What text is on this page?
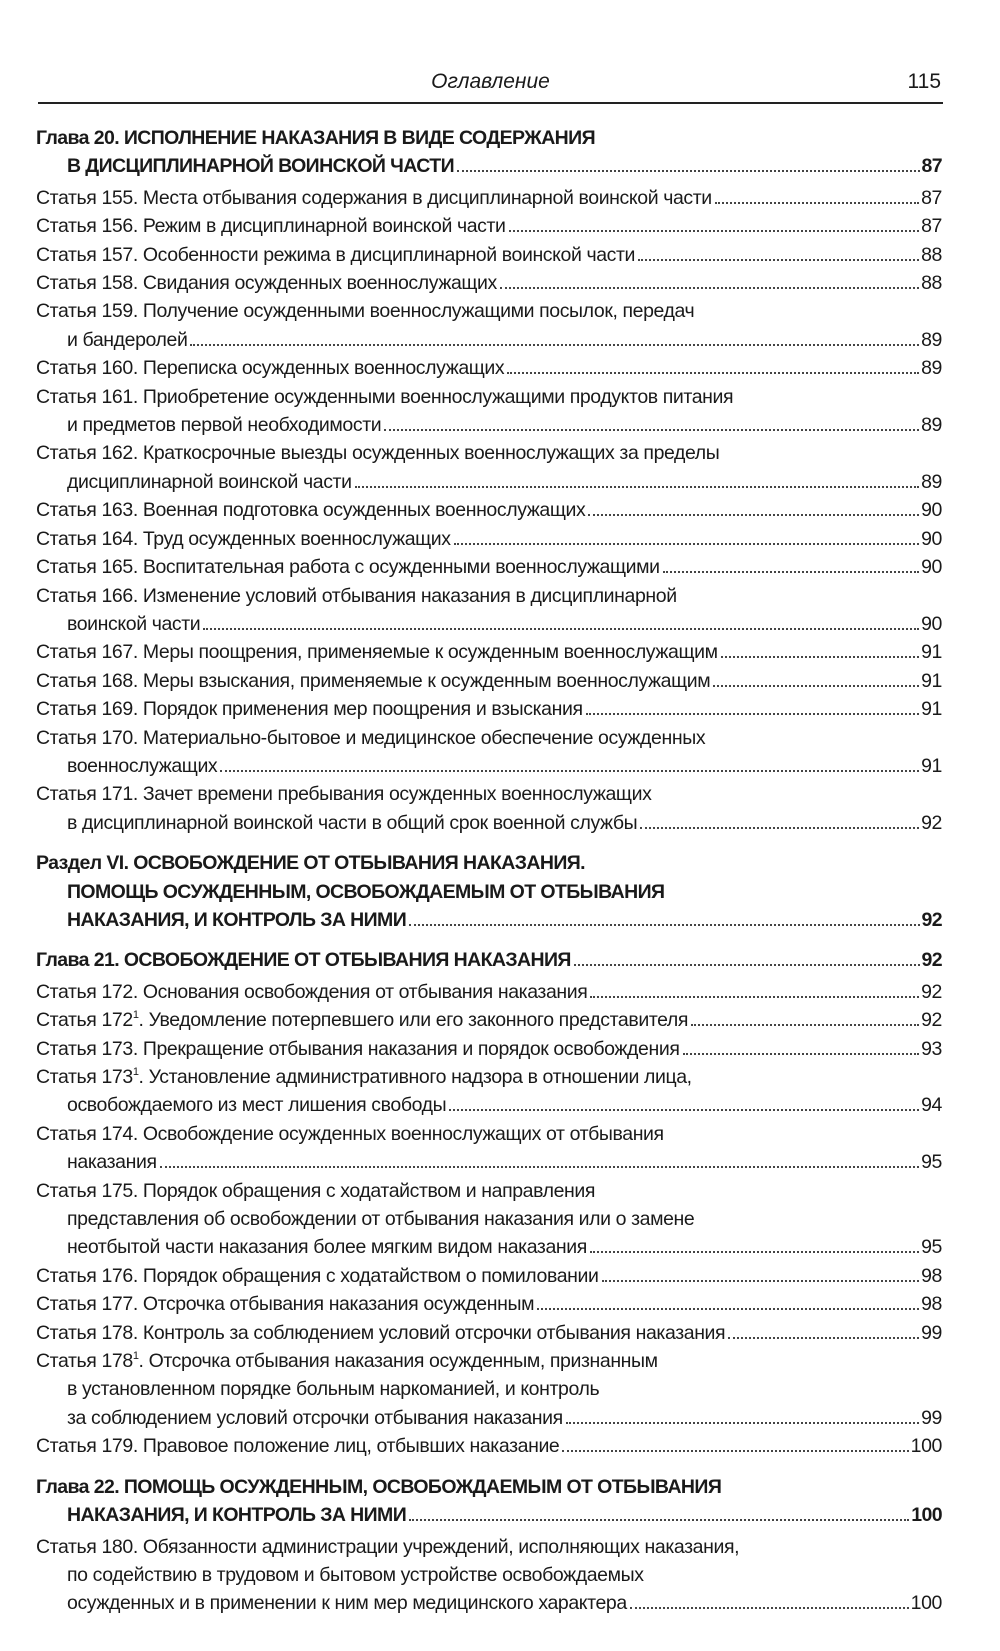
Оглавление	115
Глава 20. ИСПОЛНЕНИЕ НАКАЗАНИЯ В ВИДЕ СОДЕРЖАНИЯ
В ДИСЦИПЛИНАРНОЙ ВОИНСКОЙ ЧАСТИ	87
Статья 155. Места отбывания содержания в дисциплинарной воинской части	87
Статья 156. Режим в дисциплинарной воинской части	87
Статья 157. Особенности режима в дисциплинарной воинской части	88
Статья 158. Свидания осужденных военнослужащих	88
Статья 159. Получение осужденными военнослужащими посылок, передач
и бандеролей	89
Статья 160. Переписка осужденных военнослужащих	89
Статья 161. Приобретение осужденными военнослужащими продуктов питания
и предметов первой необходимости	89
Статья 162. Краткосрочные выезды осужденных военнослужащих за пределы
дисциплинарной воинской части	89
Статья 163. Военная подготовка осужденных военнослужащих	90
Статья 164. Труд осужденных военнослужащих	90
Статья 165. Воспитательная работа с осужденными военнослужащими	90
Статья 166. Изменение условий отбывания наказания в дисциплинарной
воинской части	90
Статья 167. Меры поощрения, применяемые к осужденным военнослужащим	91
Статья 168. Меры взыскания, применяемые к осужденным военнослужащим	91
Статья 169. Порядок применения мер поощрения и взыскания	91
Статья 170. Материально-бытовое и медицинское обеспечение осужденных
военнослужащих	91
Статья 171. Зачет времени пребывания осужденных военнослужащих
в дисциплинарной воинской части в общий срок военной службы	92
Раздел VI. ОСВОБОЖДЕНИЕ ОТ ОТБЫВАНИЯ НАКАЗАНИЯ.
ПОМОЩЬ ОСУЖДЕННЫМ, ОСВОБОЖДАЕМЫМ ОТ ОТБЫВАНИЯ
НАКАЗАНИЯ, И КОНТРОЛЬ ЗА НИМИ	92
Глава 21. ОСВОБОЖДЕНИЕ ОТ ОТБЫВАНИЯ НАКАЗАНИЯ	92
Статья 172. Основания освобождения от отбывания наказания	92
Статья $172^1$. Уведомление потерпевшего или его законного представителя	92
Статья 173. Прекращение отбывания наказания и порядок освобождения	93
Статья $173^1$. Установление административного надзора в отношении лица,
освобождаемого из мест лишения свободы	94
Статья 174. Освобождение осужденных военнослужащих от отбывания
наказания	95
Статья 175. Порядок обращения с ходатайством и направления
представления об освобождении от отбывания наказания или о замене
неотбытой части наказания более мягким видом наказания	95
Статья 176. Порядок обращения с ходатайством о помиловании	98
Статья 177. Отсрочка отбывания наказания осужденным	98
Статья 178. Контроль за соблюдением условий отсрочки отбывания наказания	99
Статья $178^1$. Отсрочка отбывания наказания осужденным, признанным
в установленном порядке больным наркоманией, и контроль
за соблюдением условий отсрочки отбывания наказания	99
Статья 179. Правовое положение лиц, отбывших наказание	100
Глава 22. ПОМОЩЬ ОСУЖДЕННЫМ, ОСВОБОЖДАЕМЫМ ОТ ОТБЫВАНИЯ
НАКАЗАНИЯ, И КОНТРОЛЬ ЗА НИМИ	100
Статья 180. Обязанности администрации учреждений, исполняющих наказания,
по содействию в трудовом и бытовом устройстве освобождаемых
осужденных и в применении к ним мер медицинского характера	100
